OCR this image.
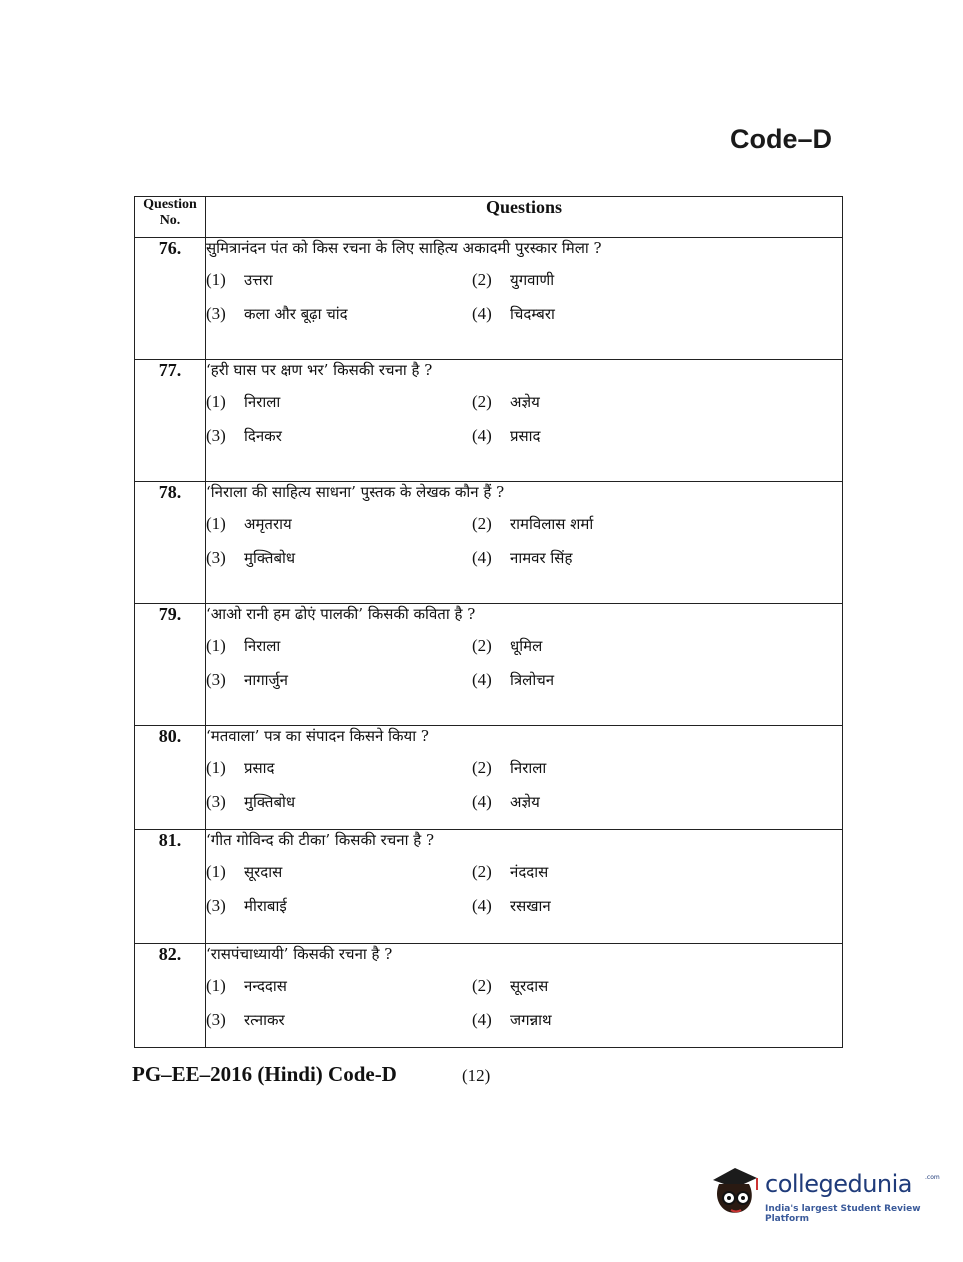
Code–D
Question No.	Questions
76.	सुमित्रानंदन पंत को किस रचना के लिए साहित्य अकादमी पुरस्कार मिला ?
(1) उत्तरा (2) युगवाणी
(3) कला और बूढ़ा चांद (4) चिदम्बरा

77.	‘हरी घास पर क्षण भर’ किसकी रचना है ?
(1) निराला (2) अज्ञेय
(3) दिनकर (4) प्रसाद

78.	‘निराला की साहित्य साधना’ पुस्तक के लेखक कौन हैं ?
(1) अमृतराय (2) रामविलास शर्मा
(3) मुक्तिबोध (4) नामवर सिंह

79.	‘आओ रानी हम ढोएं पालकी’ किसकी कविता है ?
(1) निराला (2) धूमिल
(3) नागार्जुन (4) त्रिलोचन

80.	‘मतवाला’ पत्र का संपादन किसने किया ?
(1) प्रसाद (2) निराला
(3) मुक्तिबोध (4) अज्ञेय

81.	‘गीत गोविन्द की टीका’ किसकी रचना है ?
(1) सूरदास (2) नंददास
(3) मीराबाई (4) रसखान

82.	‘रासपंचाध्यायी’ किसकी रचना है ?
(1) नन्ददास (2) सूरदास
(3) रत्नाकर (4) जगन्नाथ
PG–EE–2016 (Hindi) Code-D	(12)
collegedunia .com
India's largest Student Review Platform
